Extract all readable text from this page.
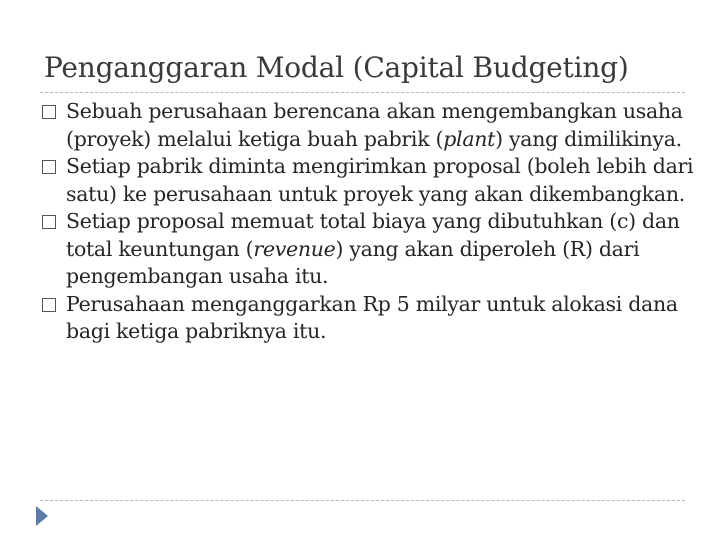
Penganggaran Modal (Capital Budgeting)
Sebuah perusahaan berencana akan mengembangkan usaha (proyek) melalui ketiga buah pabrik (plant) yang dimilikinya.
Setiap pabrik diminta mengirimkan proposal (boleh lebih dari satu) ke perusahaan untuk proyek yang akan dikembangkan.
Setiap proposal memuat total biaya yang dibutuhkan (c) dan total keuntungan (revenue) yang akan diperoleh (R) dari pengembangan usaha itu.
Perusahaan menganggarkan Rp 5 milyar untuk alokasi dana bagi ketiga pabriknya itu.
